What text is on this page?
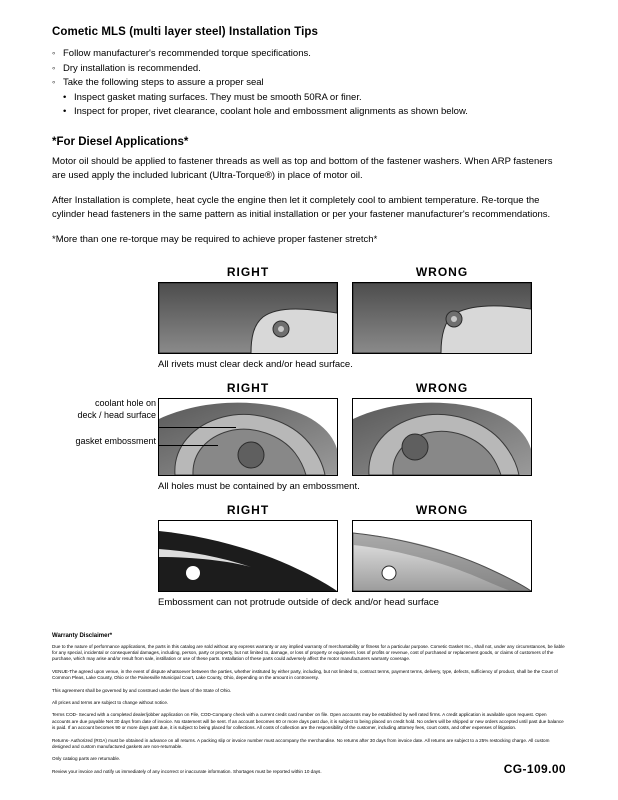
Cometic MLS (multi layer steel) Installation Tips
◦ Follow manufacturer's recommended torque specifications.
◦ Dry installation is recommended.
◦ Take the following steps to assure a proper seal
• Inspect gasket mating surfaces. They must be smooth 50RA or finer.
• Inspect for proper, rivet clearance, coolant hole and embossment alignments as shown below.
*For Diesel Applications*

Motor oil should be applied to fastener threads as well as top and bottom of the fastener washers. When ARP fasteners are used apply the included lubricant (Ultra-Torque®) in place of motor oil.

After Installation is complete, heat cycle the engine then let it completely cool to ambient temperature. Re-torque the cylinder head fasteners in the same pattern as initial installation or per your fastener manufacturer's recommendations.

*More than one re-torque may be required to achieve proper fastener stretch*

RIGHT	WRONG

All rivets must clear deck and/or head surface.

RIGHT	WRONG
coolant hole on
deck / head surface
gasket embossment

All holes must be contained by an embossment.

RIGHT	WRONG

Embossment can not protrude outside of deck and/or head surface

Warranty Disclaimer*

Due to the nature of performance applications, the parts in this catalog are sold without any express warranty or any implied warranty of merchantability or fitness for a particular purpose. Cometic Gasket Inc., shall not, under any circumstances, be liable for any special, incidental or consequential damages, including, person, party or property, but not limited to, damage, or loss of property or equipment, loss of profits or revenue, cost of purchased or replacement goods, or claims of customers of the purchase, which may arise and/or result from sale, instillation or use of these parts. Installation of these parts could adversely affect the motor manufacturers warranty coverage.

VENUE-The agreed upon venue, in the event of dispute whatsoever between the parties, whether instituted by either party, including, but not limited to, contract terms, payment terms, delivery, type, defects, sufficiency of product, shall be the Court of Common Pleas, Lake County, Ohio or the Painesville Municipal Court, Lake County, Ohio, depending on the amount in controversy.

This agreement shall be governed by and construed under the laws of the State of Ohio.

All prices and terms are subject to change without notice.

Terms COD- Secured with a completed dealer/jobber application on File, COD-Company check with a current credit card number on file. Open accounts may be established by well rated firms. A credit application is available upon request. Open accounts are due payable Net 30 days from date of invoice. No statement will be sent. If an account becomes 60 or more days past due, it is subject to being placed on credit hold. No orders will be shipped or new orders accepted until past due balance is paid. If an account becomes 90 or more days past due, it is subject to being placed for collections. All costs of collection are the responsibility of the customer, including attorney fees, court costs, and other expenses of litigation.

Returns- Authorized (RGA) must be obtained in advance on all returns. A packing slip or invoice number must accompany the merchandise. No returns after 30 days from invoice date. All returns are subject to a 25% restocking charge. All custom designed and custom manufactured gaskets are non-returnable.

Only catalog parts are returnable.

Review your invoice and notify us immediately of any incorrect or inaccurate information. Shortages must be reported within 10 days.	CG-109.00
